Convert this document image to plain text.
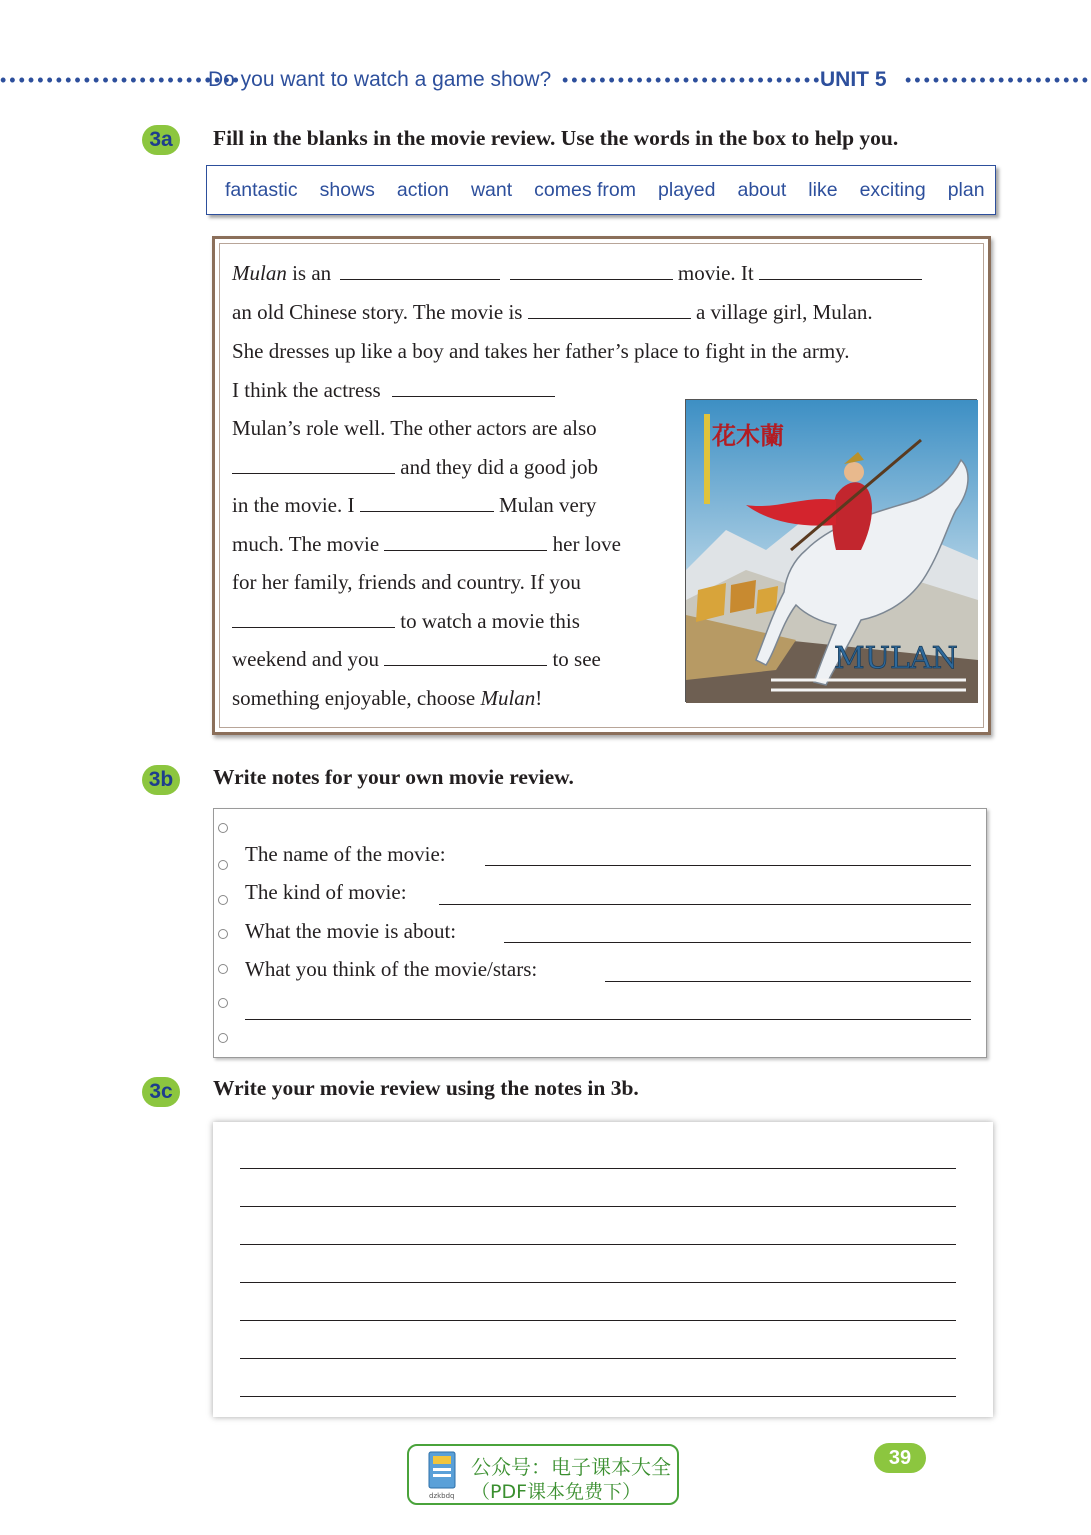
••••••••••••••••••••••••••
Do you want to watch a game show? ••••••••••••••••••••••••••••
UNIT 5 ••••••••••••••••••••
3a	Fill in the blanks in the movie review. Use the words in the box to help you.
fantastic shows action want comes from played about like exciting plan
Mulan is an	movie. It
an old Chinese story. The movie is	a village girl, Mulan.
She dresses up like a boy and takes her father’s place to fight in the army.
I think the actress
Mulan’s role well. The other actors are also
and they did a good job
in the movie. I	Mulan very
much. The movie	her love
for her family, friends and country. If you
to watch a movie this
weekend and you	to see
something enjoyable, choose Mulan!
花木蘭
MULAN
3b	Write notes for your own movie review.
The name of the movie:
The kind of movie:
What the movie is about:
What you think of the movie/stars:
3c	Write your movie review using the notes in 3b.
dzkbdq
公众号：电子课本大全
（PDF课本免费下）
39
